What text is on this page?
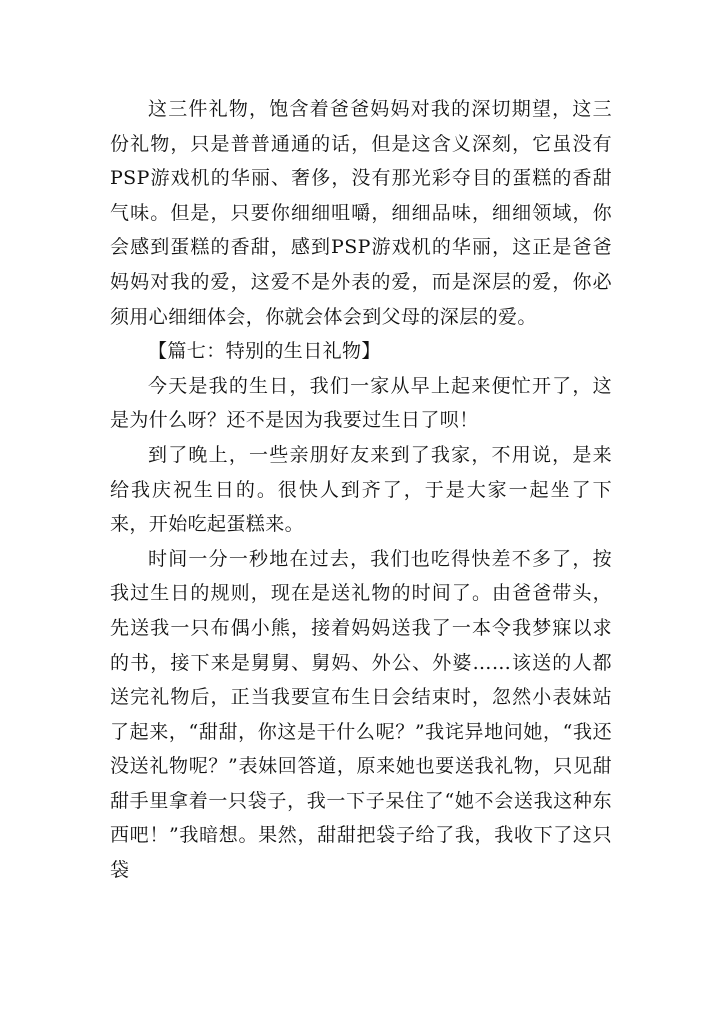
这三件礼物，饱含着爸爸妈妈对我的深切期望，这三份礼物，只是普普通通的话，但是这含义深刻，它虽没有PSP游戏机的华丽、奢侈，没有那光彩夺目的蛋糕的香甜气味。但是，只要你细细咀嚼，细细品味，细细领域，你会感到蛋糕的香甜，感到PSP游戏机的华丽，这正是爸爸妈妈对我的爱，这爱不是外表的爱，而是深层的爱，你必须用心细细体会，你就会体会到父母的深层的爱。

【篇七：特别的生日礼物】

今天是我的生日，我们一家从早上起来便忙开了，这是为什么呀？还不是因为我要过生日了呗！

到了晚上，一些亲朋好友来到了我家，不用说，是来给我庆祝生日的。很快人到齐了，于是大家一起坐了下来，开始吃起蛋糕来。

时间一分一秒地在过去，我们也吃得快差不多了，按我过生日的规则，现在是送礼物的时间了。由爸爸带头，先送我一只布偶小熊，接着妈妈送我了一本令我梦寐以求的书，接下来是舅舅、舅妈、外公、外婆……该送的人都送完礼物后，正当我要宣布生日会结束时，忽然小表妹站了起来，“甜甜，你这是干什么呢？”我诧异地问她，“我还没送礼物呢？”表妹回答道，原来她也要送我礼物，只见甜甜手里拿着一只袋子，我一下子呆住了“她不会送我这种东西吧！”我暗想。果然，甜甜把袋子给了我，我收下了这只袋
